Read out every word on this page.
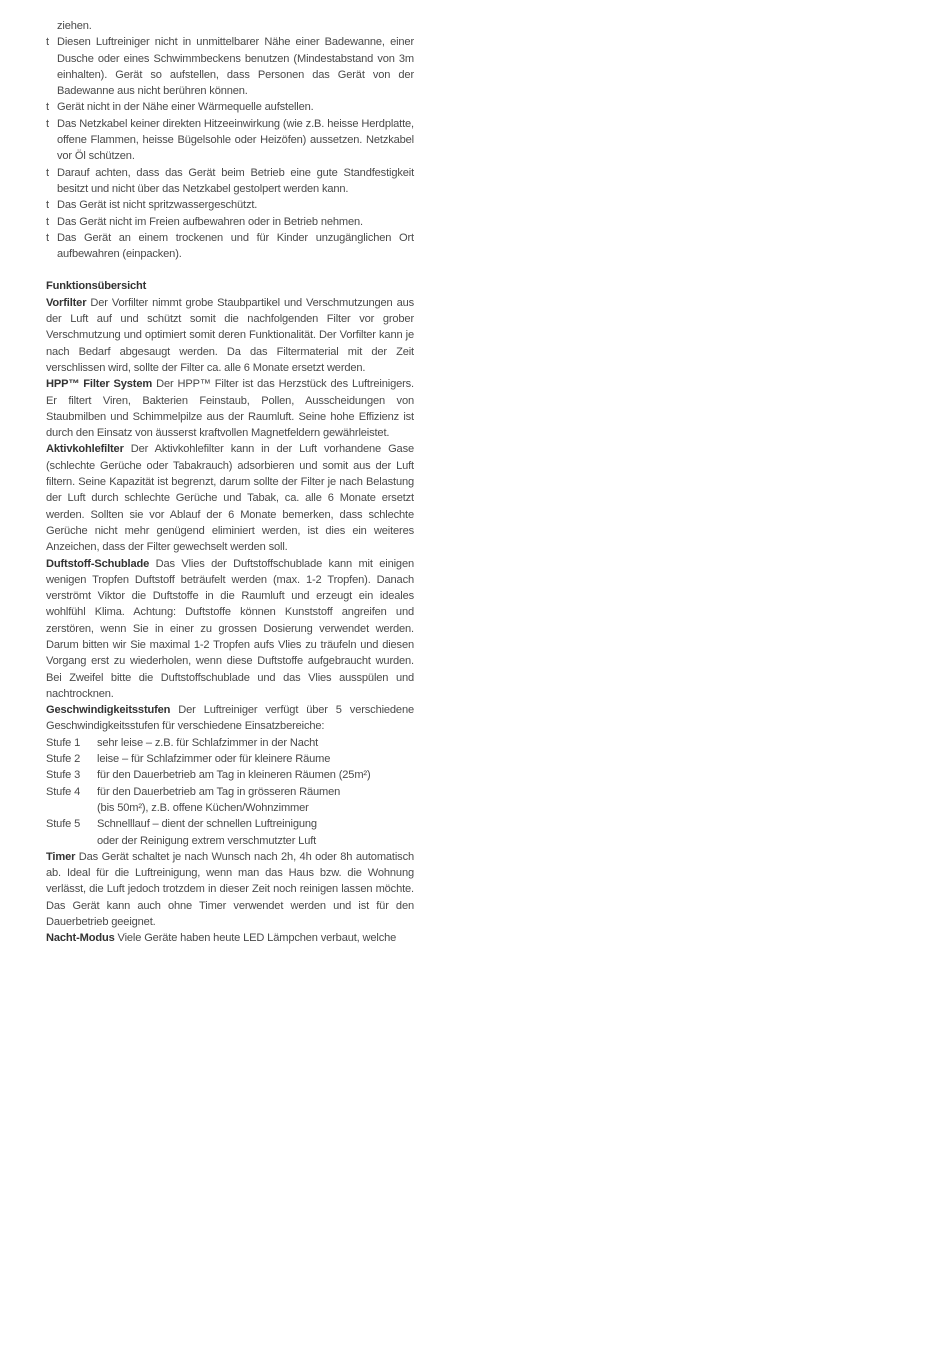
ziehen.
t Diesen Luftreiniger nicht in unmittelbarer Nähe einer Badewanne, einer Dusche oder eines Schwimmbeckens benutzen (Mindestabstand von 3m einhalten). Gerät so aufstellen, dass Personen das Gerät von der Badewanne aus nicht berühren können.
t Gerät nicht in der Nähe einer Wärmequelle aufstellen.
t Das Netzkabel keiner direkten Hitzeeinwirkung (wie z.B. heisse Herdplatte, offene Flammen, heisse Bügelsohle oder Heizöfen) aussetzen. Netzkabel vor Öl schützen.
t Darauf achten, dass das Gerät beim Betrieb eine gute Standfestigkeit besitzt und nicht über das Netzkabel gestolpert werden kann.
t Das Gerät ist nicht spritzwassergeschützt.
t Das Gerät nicht im Freien aufbewahren oder in Betrieb nehmen.
t Das Gerät an einem trockenen und für Kinder unzugänglichen Ort aufbewahren (einpacken).
Funktionsübersicht
Vorfilter Der Vorfilter nimmt grobe Staubpartikel und Verschmutzungen aus der Luft auf und schützt somit die nachfolgenden Filter vor grober Verschmutzung und optimiert somit deren Funktionalität. Der Vorfilter kann je nach Bedarf abgesaugt werden. Da das Filtermaterial mit der Zeit verschlissen wird, sollte der Filter ca. alle 6 Monate ersetzt werden.
HPP™ Filter System Der HPP™ Filter ist das Herzstück des Luftreinigers. Er filtert Viren, Bakterien Feinstaub, Pollen, Ausscheidungen von Staubmilben und Schimmelpilze aus der Raumluft. Seine hohe Effizienz ist durch den Einsatz von äusserst kraftvollen Magnetfeldern gewährleistet.
Aktivkohlefilter Der Aktivkohlefilter kann in der Luft vorhandene Gase (schlechte Gerüche oder Tabakrauch) adsorbieren und somit aus der Luft filtern. Seine Kapazität ist begrenzt, darum sollte der Filter je nach Belastung der Luft durch schlechte Gerüche und Tabak, ca. alle 6 Monate ersetzt werden. Sollten sie vor Ablauf der 6 Monate bemerken, dass schlechte Gerüche nicht mehr genügend eliminiert werden, ist dies ein weiteres Anzeichen, dass der Filter gewechselt werden soll.
Duftstoff-Schublade Das Vlies der Duftstoffschublade kann mit einigen wenigen Tropfen Duftstoff beträufelt werden (max. 1-2 Tropfen). Danach verströmt Viktor die Duftstoffe in die Raumluft und erzeugt ein ideales wohlfühl Klima. Achtung: Duftstoffe können Kunststoff angreifen und zerstören, wenn Sie in einer zu grossen Dosierung verwendet werden. Darum bitten wir Sie maximal 1-2 Tropfen aufs Vlies zu träufeln und diesen Vorgang erst zu wiederholen, wenn diese Duftstoffe aufgebraucht wurden. Bei Zweifel bitte die Duftstoffschublade und das Vlies ausspülen und nachtrocknen.
Geschwindigkeitsstufen Der Luftreiniger verfügt über 5 verschiedene Geschwindigkeitsstufen für verschiedene Einsatzbereiche:
Stufe 1	sehr leise – z.B. für Schlafzimmer in der Nacht
Stufe 2	leise – für Schlafzimmer oder für kleinere Räume
Stufe 3	für den Dauerbetrieb am Tag in kleineren Räumen (25m²)
Stufe 4	für den Dauerbetrieb am Tag in grösseren Räumen
(bis 50m²), z.B. offene Küchen/Wohnzimmer
Stufe 5	Schnelllauf – dient der schnellen Luftreinigung
oder der Reinigung extrem verschmutzter Luft
Timer Das Gerät schaltet je nach Wunsch nach 2h, 4h oder 8h automatisch ab. Ideal für die Luftreinigung, wenn man das Haus bzw. die Wohnung verlässt, die Luft jedoch trotzdem in dieser Zeit noch reinigen lassen möchte. Das Gerät kann auch ohne Timer verwendet werden und ist für den Dauerbetrieb geeignet.
Nacht-Modus Viele Geräte haben heute LED Lämpchen verbaut, welche
